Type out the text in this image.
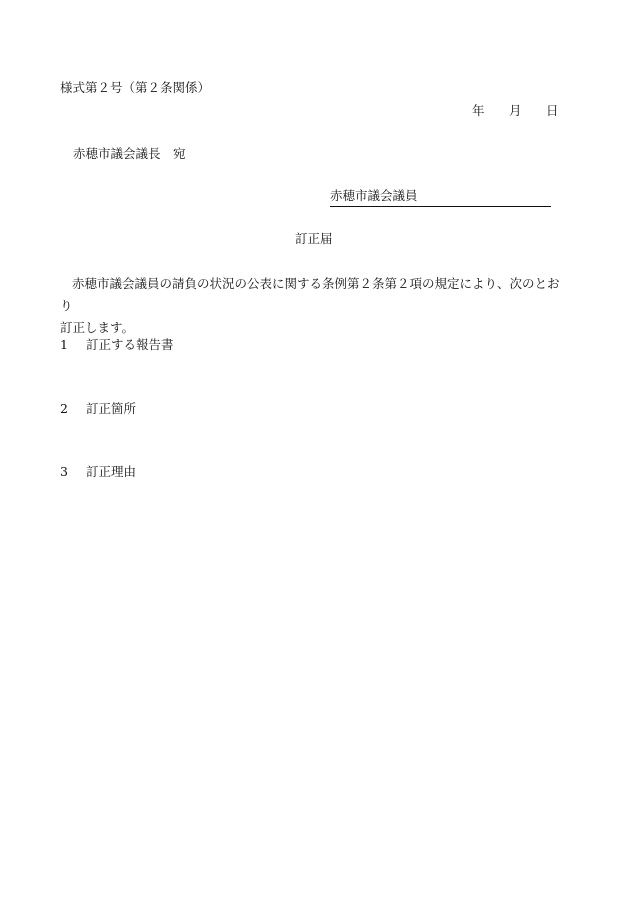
様式第２号（第２条関係）
年 月 日
赤穂市議会議長　宛
赤穂市議会議員
訂正届

赤穂市議会議員の請負の状況の公表に関する条例第２条第２項の規定により、次のとおり

訂正します。

1 訂正する報告書
2 訂正箇所
3 訂正理由
